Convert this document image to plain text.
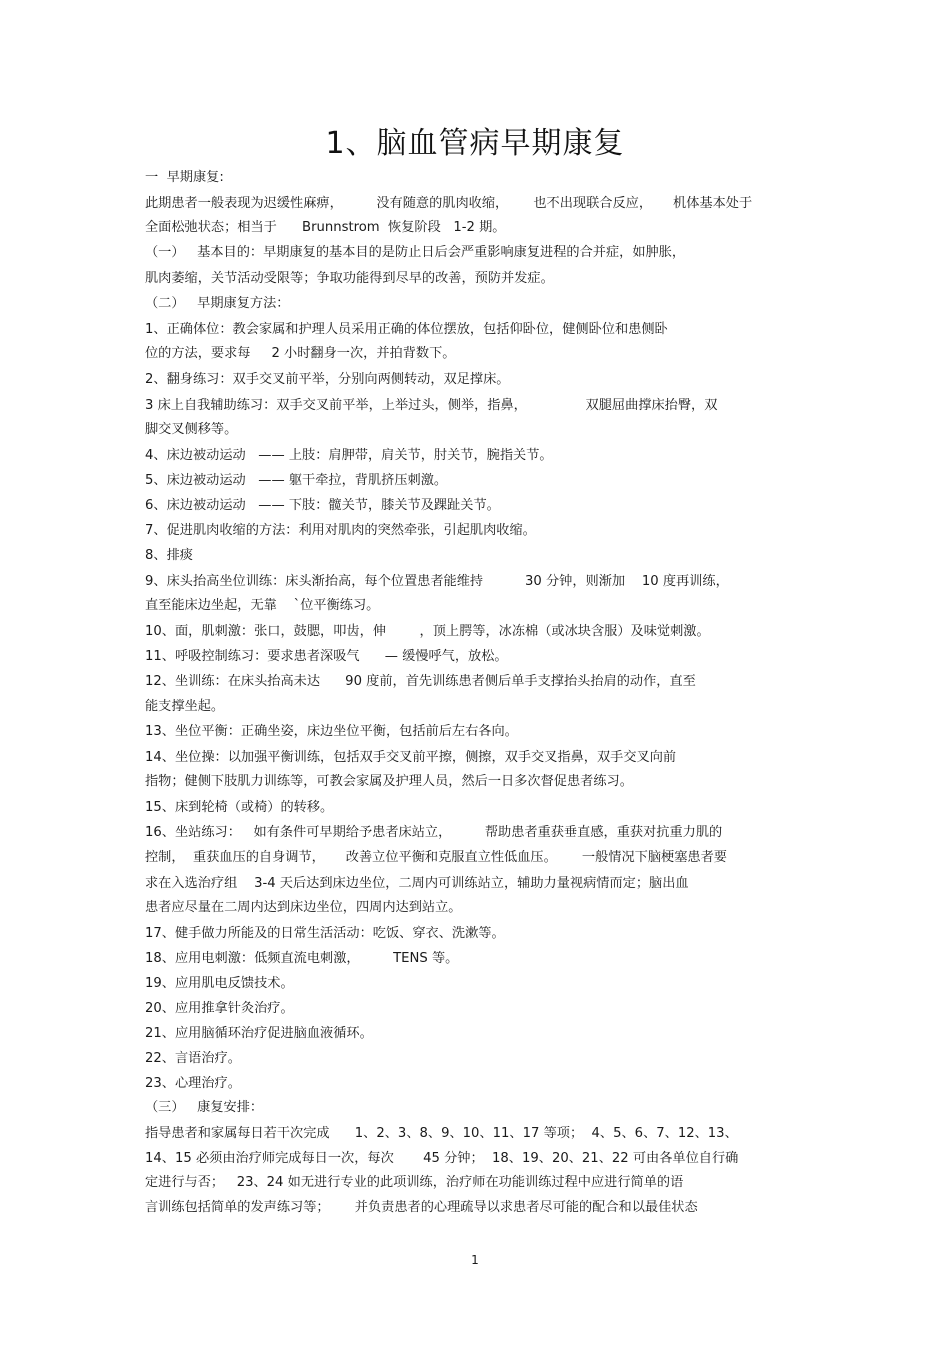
1、脑血管病早期康复
一  早期康复:
此期患者一般表现为迟缓性麻痹，        没有随意的肌肉收缩，      也不出现联合反应，     机体基本处于
全面松弛状态；相当于      Brunnstrom  恢复阶段   1-2 期。
（一）   基本目的：早期康复的基本目的是防止日后会严重影响康复进程的合并症，如肿胀，
肌肉萎缩，关节活动受限等；争取功能得到尽早的改善，预防并发症。
（二）   早期康复方法：
1、正确体位：教会家属和护理人员采用正确的体位摆放，包括仰卧位，健侧卧位和患侧卧
位的方法，要求每     2 小时翻身一次，并拍背数下。
2、翻身练习：双手交叉前平举，分别向两侧转动，双足撑床。
3 床上自我辅助练习：双手交叉前平举，上举过头，侧举，指鼻，              双腿屈曲撑床抬臀，双
脚交叉侧移等。
4、床边被动运动   —— 上肢：肩胛带，肩关节，肘关节，腕指关节。
5、床边被动运动   —— 躯干牵拉，背肌挤压刺激。
6、床边被动运动   —— 下肢：髋关节，膝关节及踝趾关节。
7、促进肌肉收缩的方法：利用对肌肉的突然牵张，引起肌肉收缩。
8、排痰
9、床头抬高坐位训练：床头渐抬高，每个位置患者能维持          30 分钟，则渐加    10 度再训练，
直至能床边坐起，无靠    `位平衡练习。
10、面，肌刺激：张口，鼓腮，叩齿，伸        ，顶上腭等，冰冻棉（或冰块含服）及味觉刺激。
11、呼吸控制练习：要求患者深吸气      — 缓慢呼气，放松。
12、坐训练：在床头抬高未达      90 度前，首先训练患者侧后单手支撑抬头抬肩的动作，直至
能支撑坐起。
13、坐位平衡：正确坐姿，床边坐位平衡，包括前后左右各向。
14、坐位操：以加强平衡训练，包括双手交叉前平擦，侧擦，双手交叉指鼻，双手交叉向前
指物；健侧下肢肌力训练等，可教会家属及护理人员，然后一日多次督促患者练习。
15、床到轮椅（或椅）的转移。
16、坐站练习：   如有条件可早期给予患者床站立，        帮助患者重获垂直感，重获对抗重力肌的
控制，  重获血压的自身调节，     改善立位平衡和克服直立性低血压。      一般情况下脑梗塞患者要
求在入选治疗组    3-4 天后达到床边坐位，二周内可训练站立，辅助力量视病情而定；脑出血
患者应尽量在二周内达到床边坐位，四周内达到站立。
17、健手做力所能及的日常生活活动：吃饭、穿衣、洗漱等。
18、应用电刺激：低频直流电刺激，        TENS 等。
19、应用肌电反馈技术。
20、应用推拿针灸治疗。
21、应用脑循环治疗促进脑血液循环。
22、言语治疗。
23、心理治疗。
（三）   康复安排：
指导患者和家属每日若干次完成      1、2、3、8、9、10、11、17 等项；  4、5、6、7、12、13、
14、15 必须由治疗师完成每日一次，每次       45 分钟；  18、19、20、21、22 可由各单位自行确
定进行与否；   23、24 如无进行专业的此项训练，治疗师在功能训练过程中应进行简单的语
言训练包括简单的发声练习等；      并负责患者的心理疏导以求患者尽可能的配合和以最佳状态
1
